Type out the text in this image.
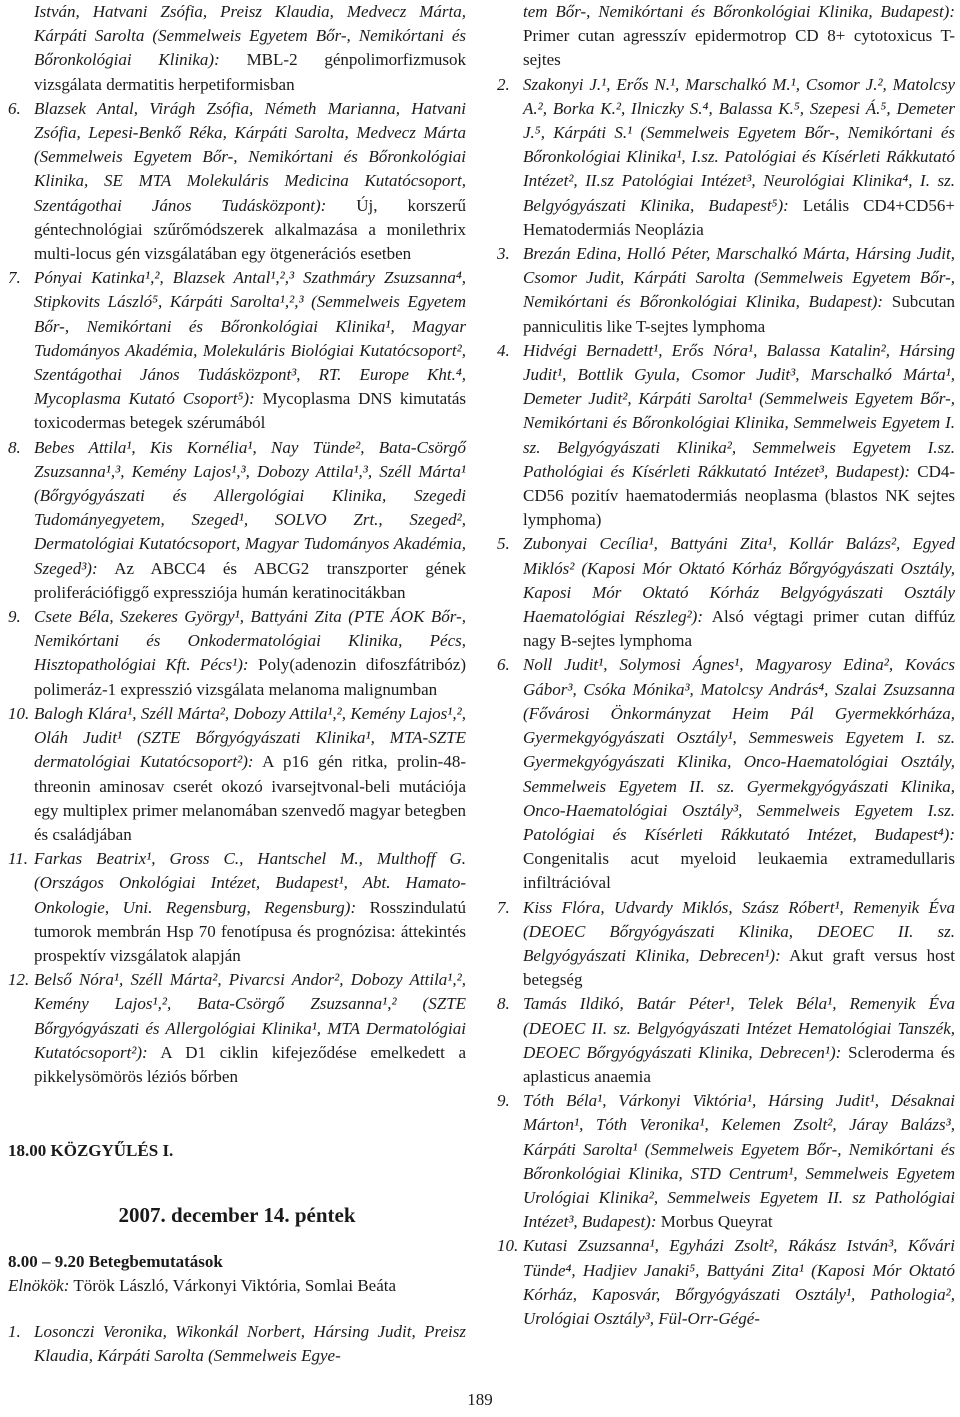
István, Hatvani Zsófia, Preisz Klaudia, Medvecz Márta, Kárpáti Sarolta (Semmelweis Egyetem Bőr-, Nemikórtani és Bőronkológiai Klinika): MBL-2 génpolimorfizmusok vizsgálata dermatitis herpetiformisban
6. Blazsek Antal, Virágh Zsófia, Németh Marianna, Hatvani Zsófia, Lepesi-Benkő Réka, Kárpáti Sarolta, Medvecz Márta (Semmelweis Egyetem Bőr-, Nemikórtani és Bőronkológiai Klinika, SE MTA Molekuláris Medicina Kutatócsoport, Szentágothai János Tudásközpont): Új, korszerű géntechnológiai szűrőmódszerek alkalmazása a monilethrix multi-locus gén vizsgálatában egy ötgenerációs esetben
7. Pónyai Katinka¹,², Blazsek Antal¹,²,³ Szathmáry Zsuzsanna⁴, Stipkovits László⁵, Kárpáti Sarolta¹,²,³ (Semmelweis Egyetem Bőr-, Nemikórtani és Bőronkológiai Klinika¹, Magyar Tudományos Akadémia, Molekuláris Biológiai Kutatócsoport², Szentágothai János Tudásközpont³, RT. Europe Kht.⁴, Mycoplasma Kutató Csoport⁵): Mycoplasma DNS kimutatás toxicodermas betegek szérumából
8. Bebes Attila¹, Kis Kornélia¹, Nay Tünde², Bata-Csörgő Zsuzsanna¹,³, Kemény Lajos¹,³, Dobozy Attila¹,³, Széll Márta¹ (Bőrgyógyászati és Allergológiai Klinika, Szegedi Tudományegyetem, Szeged¹, SOLVO Zrt., Szeged², Dermatológiai Kutatócsoport, Magyar Tudományos Akadémia, Szeged³): Az ABCC4 és ABCG2 transzporter gének proliferációfiggő expressziója humán keratinocitákban
9. Csete Béla, Szekeres György¹, Battyáni Zita (PTE ÁOK Bőr-, Nemikórtani és Onkodermatológiai Klinika, Pécs, Hisztopathológiai Kft. Pécs¹): Poly(adenozin difoszfátribóz) polimeráz-1 expresszió vizsgálata melanoma malignumban
10. Balogh Klára¹, Széll Márta², Dobozy Attila¹,², Kemény Lajos¹,², Oláh Judit¹ (SZTE Bőrgyógyászati Klinika¹, MTA-SZTE dermatológiai Kutatócsoport²): A p16 gén ritka, prolin-48-threonin aminosav cserét okozó ivarsejtvonal-beli mutációja egy multiplex primer melanomában szenvedő magyar betegben és családjában
11. Farkas Beatrix¹, Gross C., Hantschel M., Multhoff G. (Országos Onkológiai Intézet, Budapest¹, Abt. Hamato-Onkologie, Uni. Regensburg, Regensburg): Rosszindulatú tumorok membrán Hsp 70 fenotípusa és prognózisa: áttekintés prospektív vizsgálatok alapján
12. Belső Nóra¹, Széll Márta², Pivarcsi Andor², Dobozy Attila¹,², Kemény Lajos¹,², Bata-Csörgő Zsuzsanna¹,² (SZTE Bőrgyógyászati és Allergológiai Klinika¹, MTA Dermatológiai Kutatócsoport²): A D1 ciklin kifejeződése emelkedett a pikkelysömörös léziós bőrben
18.00 KÖZGYŰLÉS I.
2007. december 14. péntek
8.00 – 9.20 Betegbemutatások
Elnökök: Török László, Várkonyi Viktória, Somlai Beáta
1. Losonczi Veronika, Wikonkál Norbert, Hársing Judit, Preisz Klaudia, Kárpáti Sarolta (Semmelweis Egye-
tem Bőr-, Nemikórtani és Bőronkológiai Klinika, Budapest): Primer cutan agresszív epidermotrop CD 8+ cytotoxicus T-sejtes
2. Szakonyi J.¹, Erős N.¹, Marschalkó M.¹, Csomor J.², Matolcsy A.², Borka K.², Ilniczky S.⁴, Balassa K.⁵, Szepesi Á.⁵, Demeter J.⁵, Kárpáti S.¹ (Semmelweis Egyetem Bőr-, Nemikórtani és Bőronkológiai Klinika¹, I.sz. Patológiai és Kísérleti Rákkutató Intézet², II.sz Patológiai Intézet³, Neurológiai Klinika⁴, I. sz. Belgyógyászati Klinika, Budapest⁵): Letális CD4+CD56+ Hematodermiás Neoplázia
3. Brezán Edina, Holló Péter, Marschalkó Márta, Hársing Judit, Csomor Judit, Kárpáti Sarolta (Semmelweis Egyetem Bőr-, Nemikórtani és Bőronkológiai Klinika, Budapest): Subcutan panniculitis like T-sejtes lymphoma
4. Hidvégi Bernadett¹, Erős Nóra¹, Balassa Katalin², Hársing Judit¹, Bottlik Gyula, Csomor Judit³, Marschalkó Márta¹, Demeter Judit², Kárpáti Sarolta¹ (Semmelweis Egyetem Bőr-, Nemikórtani és Bőronkológiai Klinika, Semmelweis Egyetem I. sz. Belgyógyászati Klinika², Semmelweis Egyetem I.sz. Pathológiai és Kísérleti Rákkutató Intézet³, Budapest): CD4-CD56 pozitív haematodermiás neoplasma (blastos NK sejtes lymphoma)
5. Zubonyai Cecília¹, Battyáni Zita¹, Kollár Balázs², Egyed Miklós² (Kaposi Mór Oktató Kórház Bőrgyógyászati Osztály, Kaposi Mór Oktató Kórház Belgyógyászati Osztály Haematológiai Részleg²): Alsó végtagi primer cutan diffúz nagy B-sejtes lymphoma
6. Noll Judit¹, Solymosi Ágnes¹, Magyarosy Edina², Kovács Gábor³, Csóka Mónika³, Matolcsy András⁴, Szalai Zsuzsanna (Fővárosi Önkormányzat Heim Pál Gyermekkórháza, Gyermekgyógyászati Osztály¹, Semmesweis Egyetem I. sz. Gyermekgyógyászati Klinika, Onco-Haematológiai Osztály, Semmelweis Egyetem II. sz. Gyermekgyógyászati Klinika, Onco-Haematológiai Osztály³, Semmelweis Egyetem I.sz. Patológiai és Kísérleti Rákkutató Intézet, Budapest⁴): Congenitalis acut myeloid leukaemia extramedullaris infiltrációval
7. Kiss Flóra, Udvardy Miklós, Szász Róbert¹, Remenyik Éva (DEOEC Bőrgyógyászati Klinika, DEOEC II. sz. Belgyógyászati Klinika, Debrecen¹): Akut graft versus host betegség
8. Tamás Ildikó, Batár Péter¹, Telek Béla¹, Remenyik Éva (DEOEC II. sz. Belgyógyászati Intézet Hematológiai Tanszék, DEOEC Bőrgyógyászati Klinika, Debrecen¹): Scleroderma és aplasticus anaemia
9. Tóth Béla¹, Várkonyi Viktória¹, Hársing Judit¹, Désaknai Márton¹, Tóth Veronika¹, Kelemen Zsolt², Járay Balázs³, Kárpáti Sarolta¹ (Semmelweis Egyetem Bőr-, Nemikórtani és Bőronkológiai Klinika, STD Centrum¹, Semmelweis Egyetem Urológiai Klinika², Semmelweis Egyetem II. sz Pathológiai Intézet³, Budapest): Morbus Queyrat
10. Kutasi Zsuzsanna¹, Egyházi Zsolt², Rákász István³, Kővári Tünde⁴, Hadjiev Janaki⁵, Battyáni Zita¹ (Kaposi Mór Oktató Kórház, Kaposvár, Bőrgyógyászati Osztály¹, Pathologia², Urológiai Osztály³, Fül-Orr-Gégé-
189
